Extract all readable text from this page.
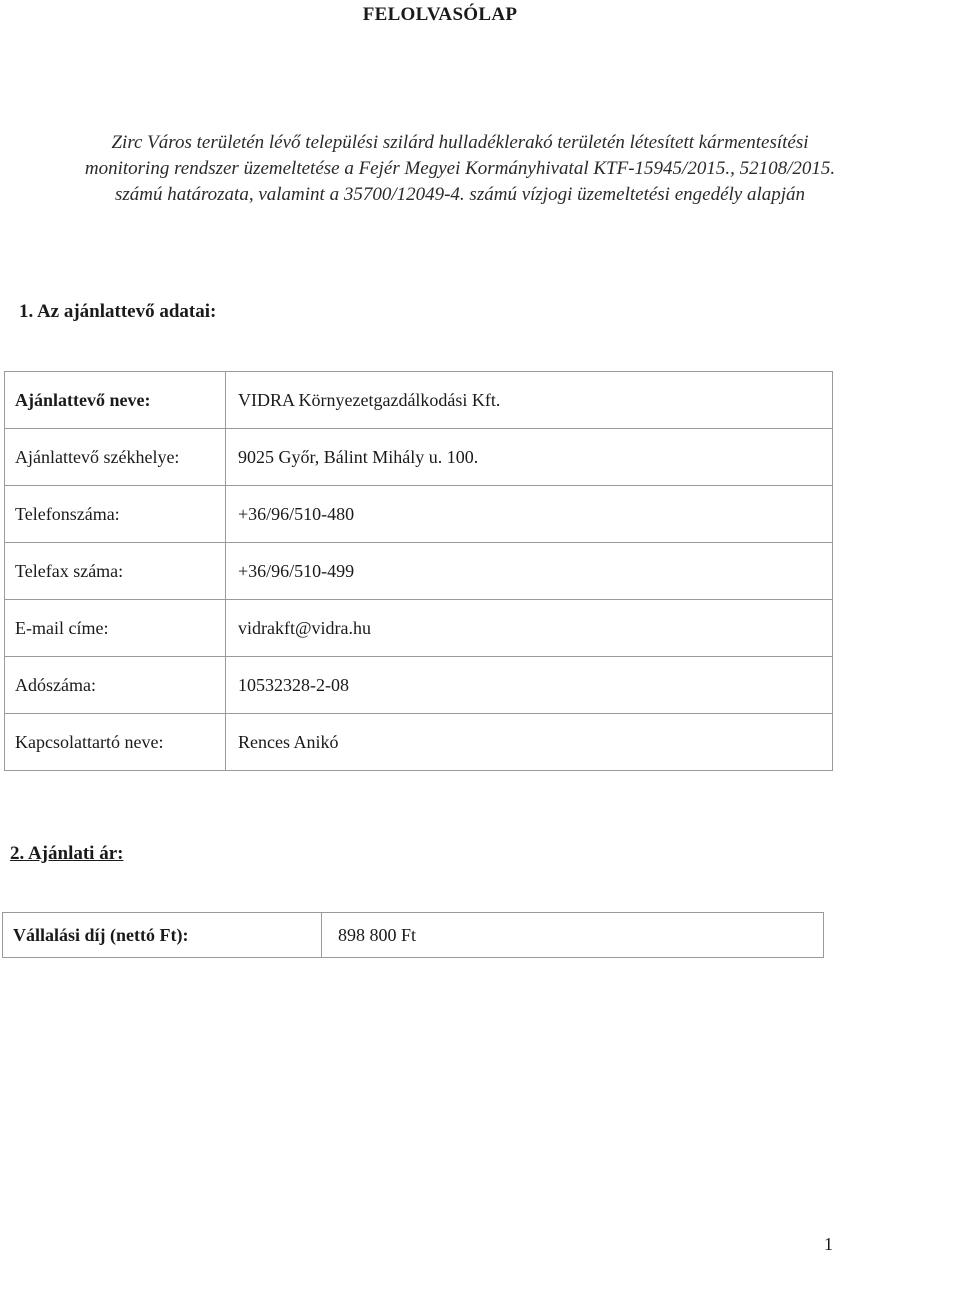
FELOLVASÓLAP
Zirc Város területén lévő települési szilárd hulladéklerakó területén létesített kármentesítési
monitoring rendszer üzemeltetése a Fejér Megyei Kormányhivatal KTF-15945/2015., 52108/2015.
számú határozata, valamint a 35700/12049-4. számú vízjogi üzemeltetési engedély alapján
1. Az ajánlattevő adatai:
Ajánlattevő neve:	VIDRA Környezetgazdálkodási Kft.
Ajánlattevő székhelye:	9025 Győr, Bálint Mihály u. 100.
Telefonszáma:	+36/96/510-480
Telefax száma:	+36/96/510-499
E-mail címe:	vidrakft@vidra.hu
Adószáma:	10532328-2-08
Kapcsolattartó neve:	Rences Anikó
2. Ajánlati ár:
Vállalási díj (nettó Ft):	898 800 Ft
1
